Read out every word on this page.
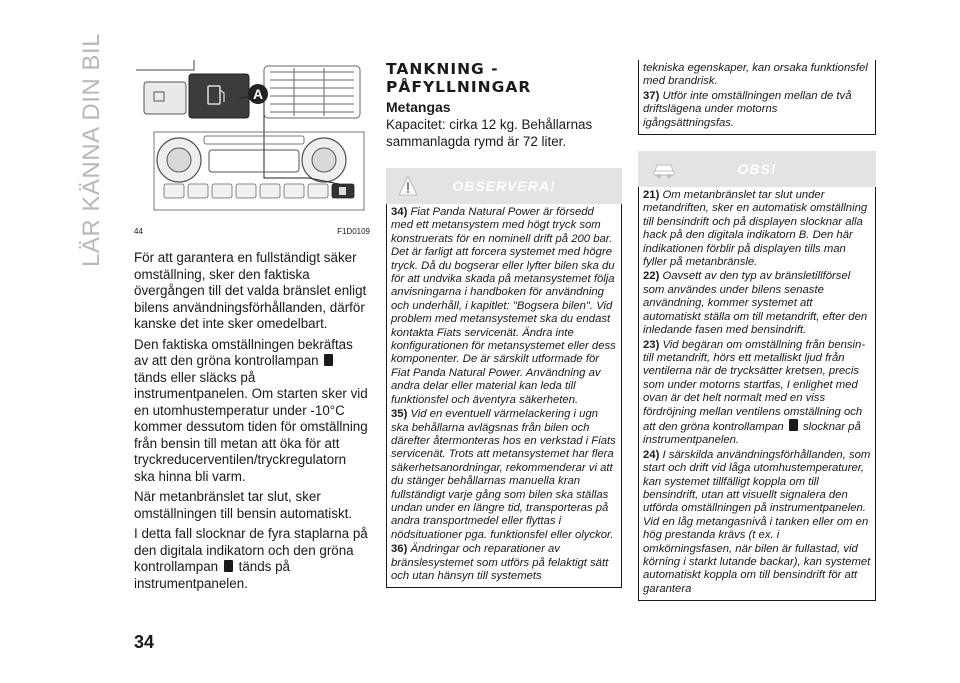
LÄR KÄNNA DIN BIL	A
44	F1D0109

För att garantera en fullständigt säker omställning, sker den faktiska övergången till det valda bränslet enligt bilens användningsförhållanden, därför kanske det inte sker omedelbart.

Den faktiska omställningen bekräftas av att den gröna kontrollampan  tänds eller släcks på instrumentpanelen. Om starten sker vid en utomhustemperatur under -10°C kommer dessutom tiden för omställning från bensin till metan att öka för att tryckreducerventilen/tryckregulatorn ska hinna bli varm.

När metanbränslet tar slut, sker omställningen till bensin automatiskt.

I detta fall slocknar de fyra staplarna på den digitala indikatorn och den gröna kontrollampan tänds på instrumentpanelen.

TANKNING -

PÅFYLLNINGAR

Metangas

Kapacitet: cirka 12 kg. Behållarnas sammanlagda rymd är 72 liter.

OBSERVERA!

34) Fiat Panda Natural Power är försedd med ett metansystem med högt tryck som konstruerats för en nominell drift på 200 bar. Det är farligt att forcera systemet med högre tryck. Då du bogserar eller lyfter bilen ska du för att undvika skada på metansystemet följa anvisningarna i handboken för användning och underhåll, i kapitlet: "Bogsera bilen". Vid problem med metansystemet ska du endast kontakta Fiats servicenät. Ändra inte konfigurationen för metansystemet eller dess komponenter. De är särskilt utformade för Fiat Panda Natural Power. Användning av andra delar eller material kan leda till funktionsfel och äventyra säkerheten.

35) Vid en eventuell värmelackering i ugn ska behållarna avlägsnas från bilen och därefter återmonteras hos en verkstad i Fiats servicenät. Trots att metansystemet har flera säkerhetsanordningar, rekommenderar vi att du stänger behållarnas manuella kran fullständigt varje gång som bilen ska ställas undan under en längre tid, transporteras på andra transportmedel eller flyttas i nödsituationer pga. funktionsfel eller olyckor.

36) Ändringar och reparationer av bränslesystemet som utförs på felaktigt sätt och utan hänsyn till systemets

tekniska egenskaper, kan orsaka funktionsfel med brandrisk.

37) Utför inte omställningen mellan de två driftslägena under motorns igångsättningsfas.

OBS!

21) Om metanbränslet tar slut under metandriften, sker en automatisk omställning till bensindrift och på displayen slocknar alla hack på den digitala indikatorn B. Den här indikationen förblir på displayen tills man fyller på metanbränsle.

22) Oavsett av den typ av bränsletillförsel som användes under bilens senaste användning, kommer systemet att automatiskt ställa om till metandrift, efter den inledande fasen med bensindrift.

23) Vid begäran om omställning från bensin- till metandrift, hörs ett metalliskt ljud från ventilerna när de trycksätter kretsen, precis som under motorns startfas, I enlighet med ovan är det helt normalt med en viss fördröjning mellan ventilens omställning och att den gröna kontrollampan slocknar på instrumentpanelen.

24) I särskilda användningsförhållanden, som start och drift vid låga utomhustemperaturer, kan systemet tillfälligt koppla om till bensindrift, utan att visuellt signalera den utförda omställningen på instrumentpanelen. Vid en låg metangasnivå i tanken eller om en hög prestanda krävs (t ex. i omkörningsfasen, när bilen är fullastad, vid körning i starkt lutande backar), kan systemet automatiskt koppla om till bensindrift för att garantera

34
